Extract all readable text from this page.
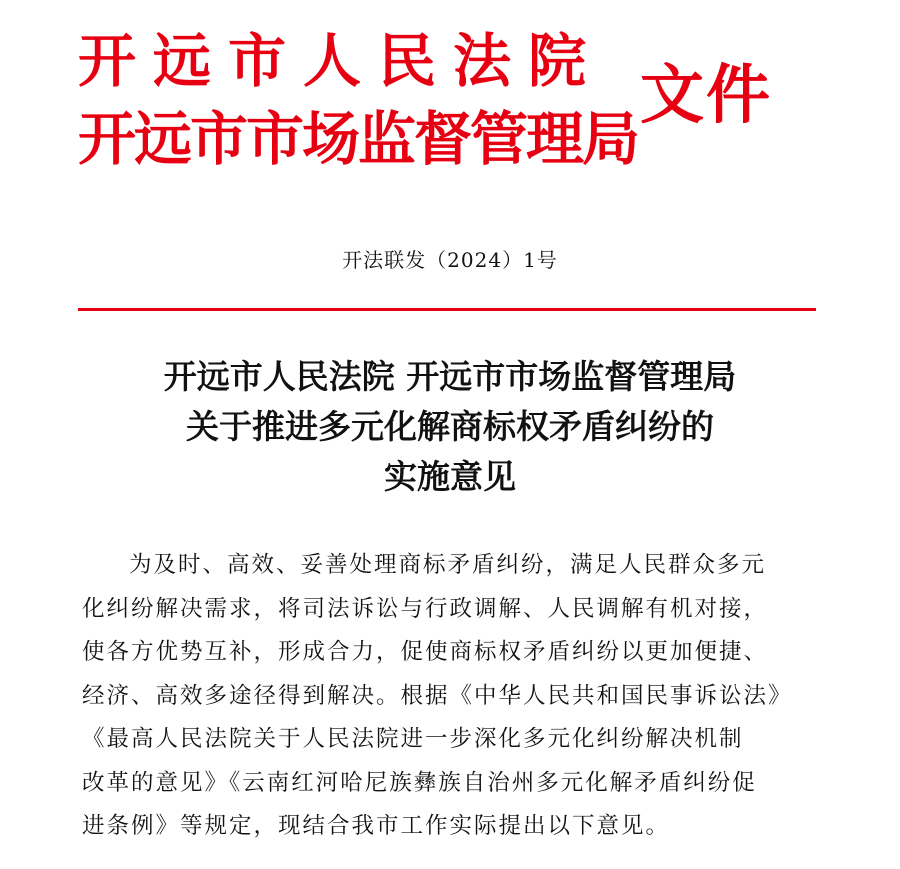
开远市人民法院
开远市市场监督管理局
文件
开法联发（2024）1号
开远市人民法院 开远市市场监督管理局
关于推进多元化解商标权矛盾纠纷的
实施意见
为及时、高效、妥善处理商标矛盾纠纷，满足人民群众多元
化纠纷解决需求，将司法诉讼与行政调解、人民调解有机对接，
使各方优势互补，形成合力，促使商标权矛盾纠纷以更加便捷、
经济、高效多途径得到解决。根据《中华人民共和国民事诉讼法》
《最高人民法院关于人民法院进一步深化多元化纠纷解决机制
改革的意见》《云南红河哈尼族彝族自治州多元化解矛盾纠纷促
进条例》等规定，现结合我市工作实际提出以下意见。
